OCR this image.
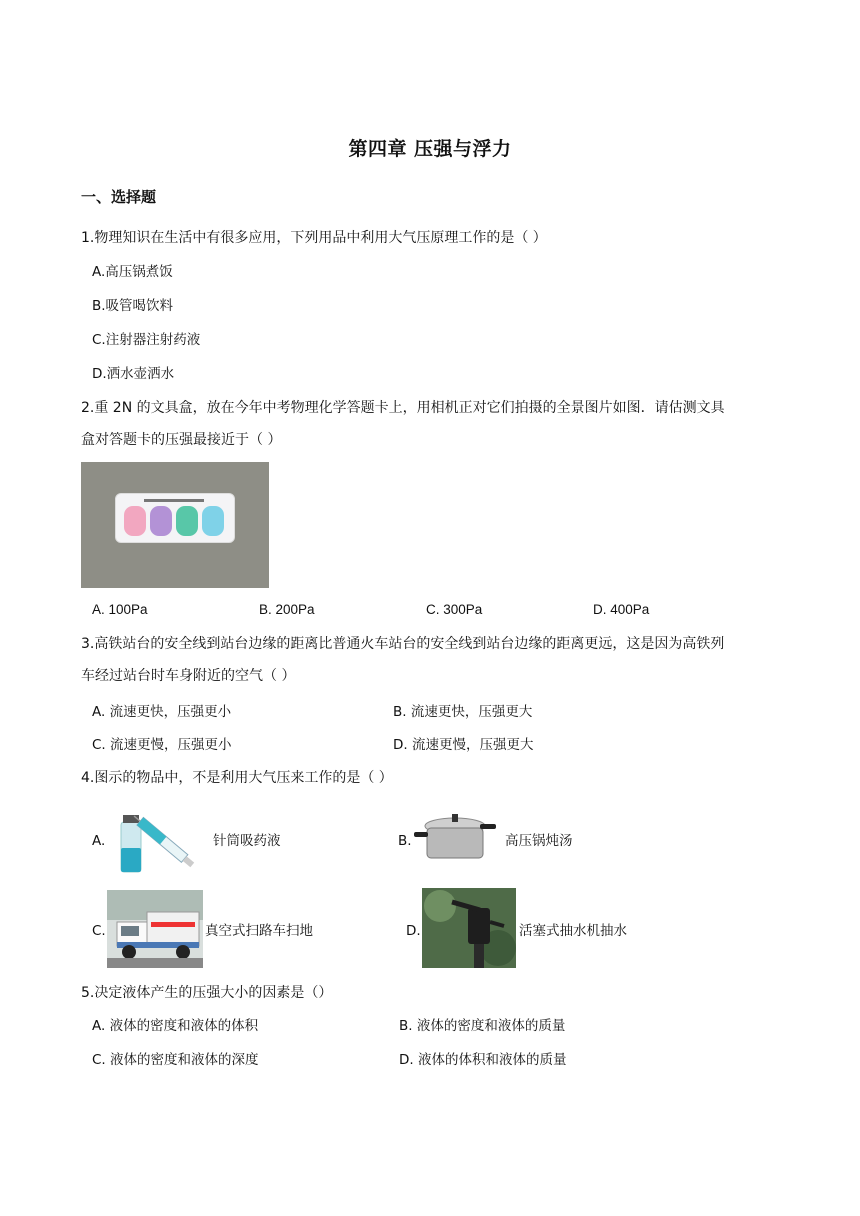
第四章 压强与浮力
一、选择题
1.物理知识在生活中有很多应用，下列用品中利用大气压原理工作的是（ ）
A.高压锅煮饭
B.吸管喝饮料
C.注射器注射药液
D.洒水壶洒水
2.重 2N 的文具盒，放在今年中考物理化学答题卡上，用相机正对它们拍摄的全景图片如图．请估测文具
盒对答题卡的压强最接近于（ ）
A. 100Pa	B. 200Pa	C. 300Pa	D. 400Pa
3.高铁站台的安全线到站台边缘的距离比普通火车站台的安全线到站台边缘的距离更远，这是因为高铁列
车经过站台时车身附近的空气（ ）
A. 流速更快，压强更小	B. 流速更快，压强更大
C. 流速更慢，压强更小	D. 流速更慢，压强更大
4.图示的物品中，不是利用大气压来工作的是（ ）
A.	针筒吸药液	B.	高压锅炖汤
C.	真空式扫路车扫地	D.	活塞式抽水机抽水
5.决定液体产生的压强大小的因素是（）
A. 液体的密度和液体的体积	B. 液体的密度和液体的质量
C. 液体的密度和液体的深度	D. 液体的体积和液体的质量
